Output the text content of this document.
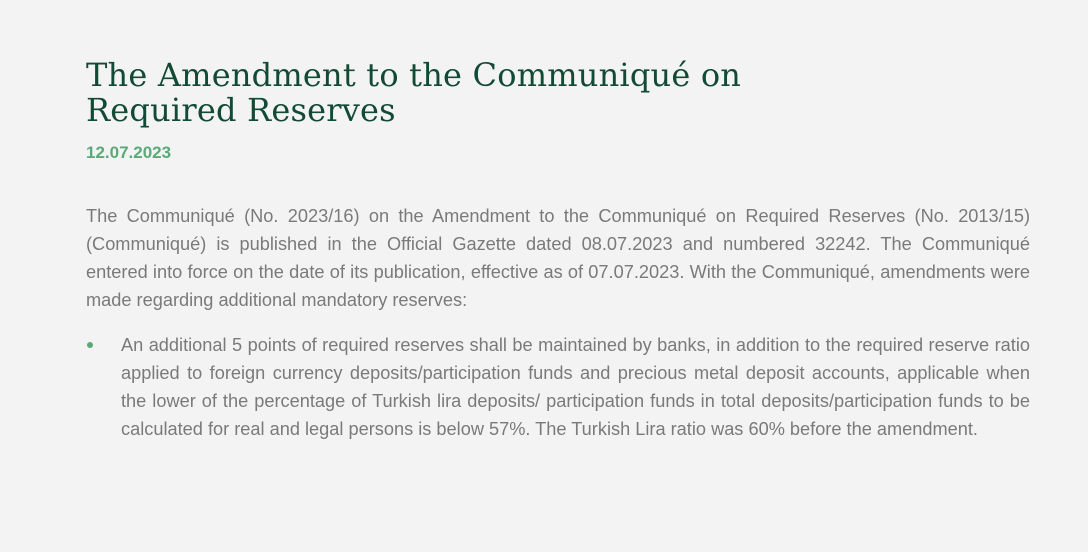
The Amendment to the Communiqué on Required Reserves
12.07.2023

The Communiqué (No. 2023/16) on the Amendment to the Communiqué on Required Reserves (No. 2013/15) (Communiqué) is published in the Official Gazette dated 08.07.2023 and numbered 32242. The Communiqué entered into force on the date of its publication, effective as of 07.07.2023. With the Communiqué, amendments were made regarding additional mandatory reserves:

An additional 5 points of required reserves shall be maintained by banks, in addition to the required reserve ratio applied to foreign currency deposits/participation funds and precious metal deposit accounts, applicable when the lower of the percentage of Turkish lira deposits/ participation funds in total deposits/participation funds to be calculated for real and legal persons is below 57%. The Turkish Lira ratio was 60% before the amendment.
